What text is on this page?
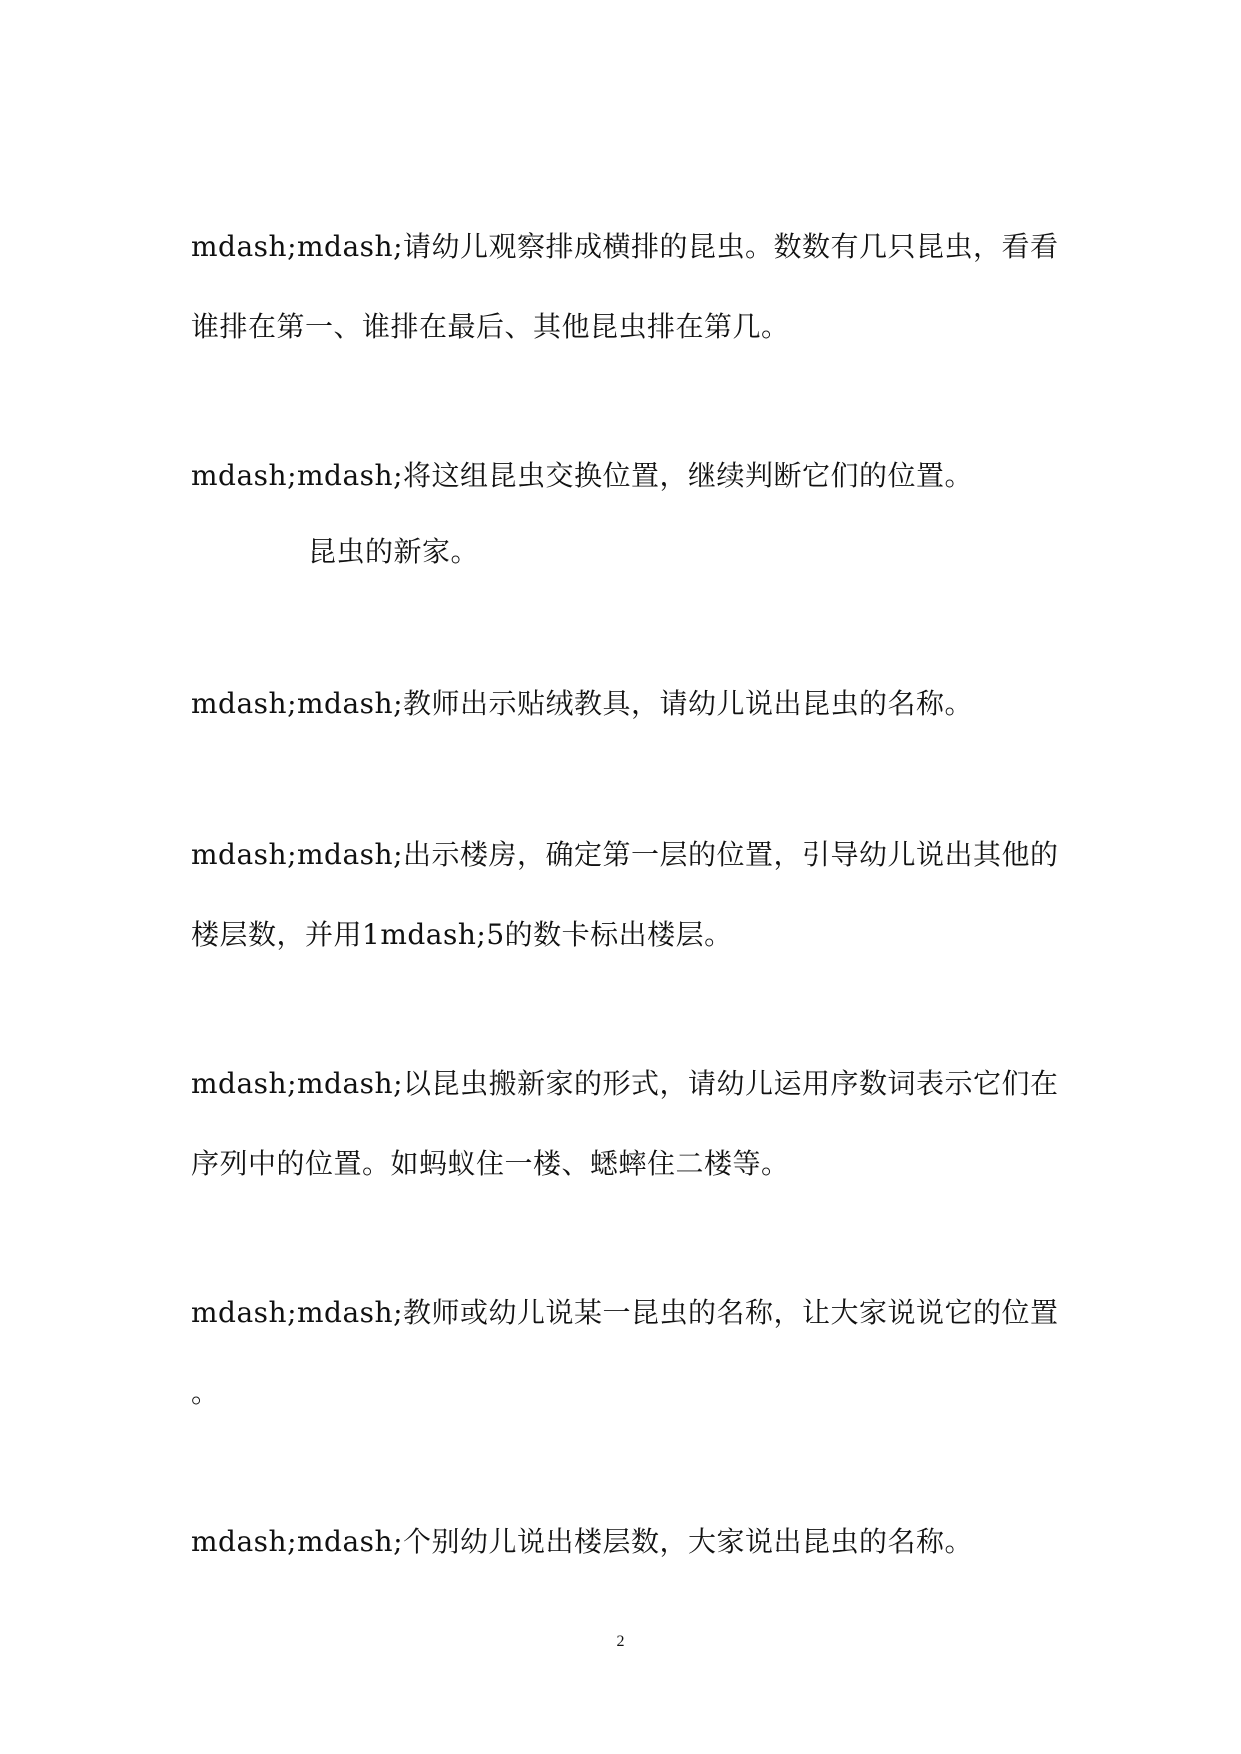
mdash;mdash;请幼儿观察排成横排的昆虫。数数有几只昆虫，看看
谁排在第一、谁排在最后、其他昆虫排在第几。
mdash;mdash;将这组昆虫交换位置，继续判断它们的位置。
昆虫的新家。
mdash;mdash;教师出示贴绒教具，请幼儿说出昆虫的名称。
mdash;mdash;出示楼房，确定第一层的位置，引导幼儿说出其他的
楼层数，并用1mdash;5的数卡标出楼层。
mdash;mdash;以昆虫搬新家的形式，请幼儿运用序数词表示它们在
序列中的位置。如蚂蚁住一楼、蟋蟀住二楼等。
mdash;mdash;教师或幼儿说某一昆虫的名称，让大家说说它的位置
。
mdash;mdash;个别幼儿说出楼层数，大家说出昆虫的名称。
2
